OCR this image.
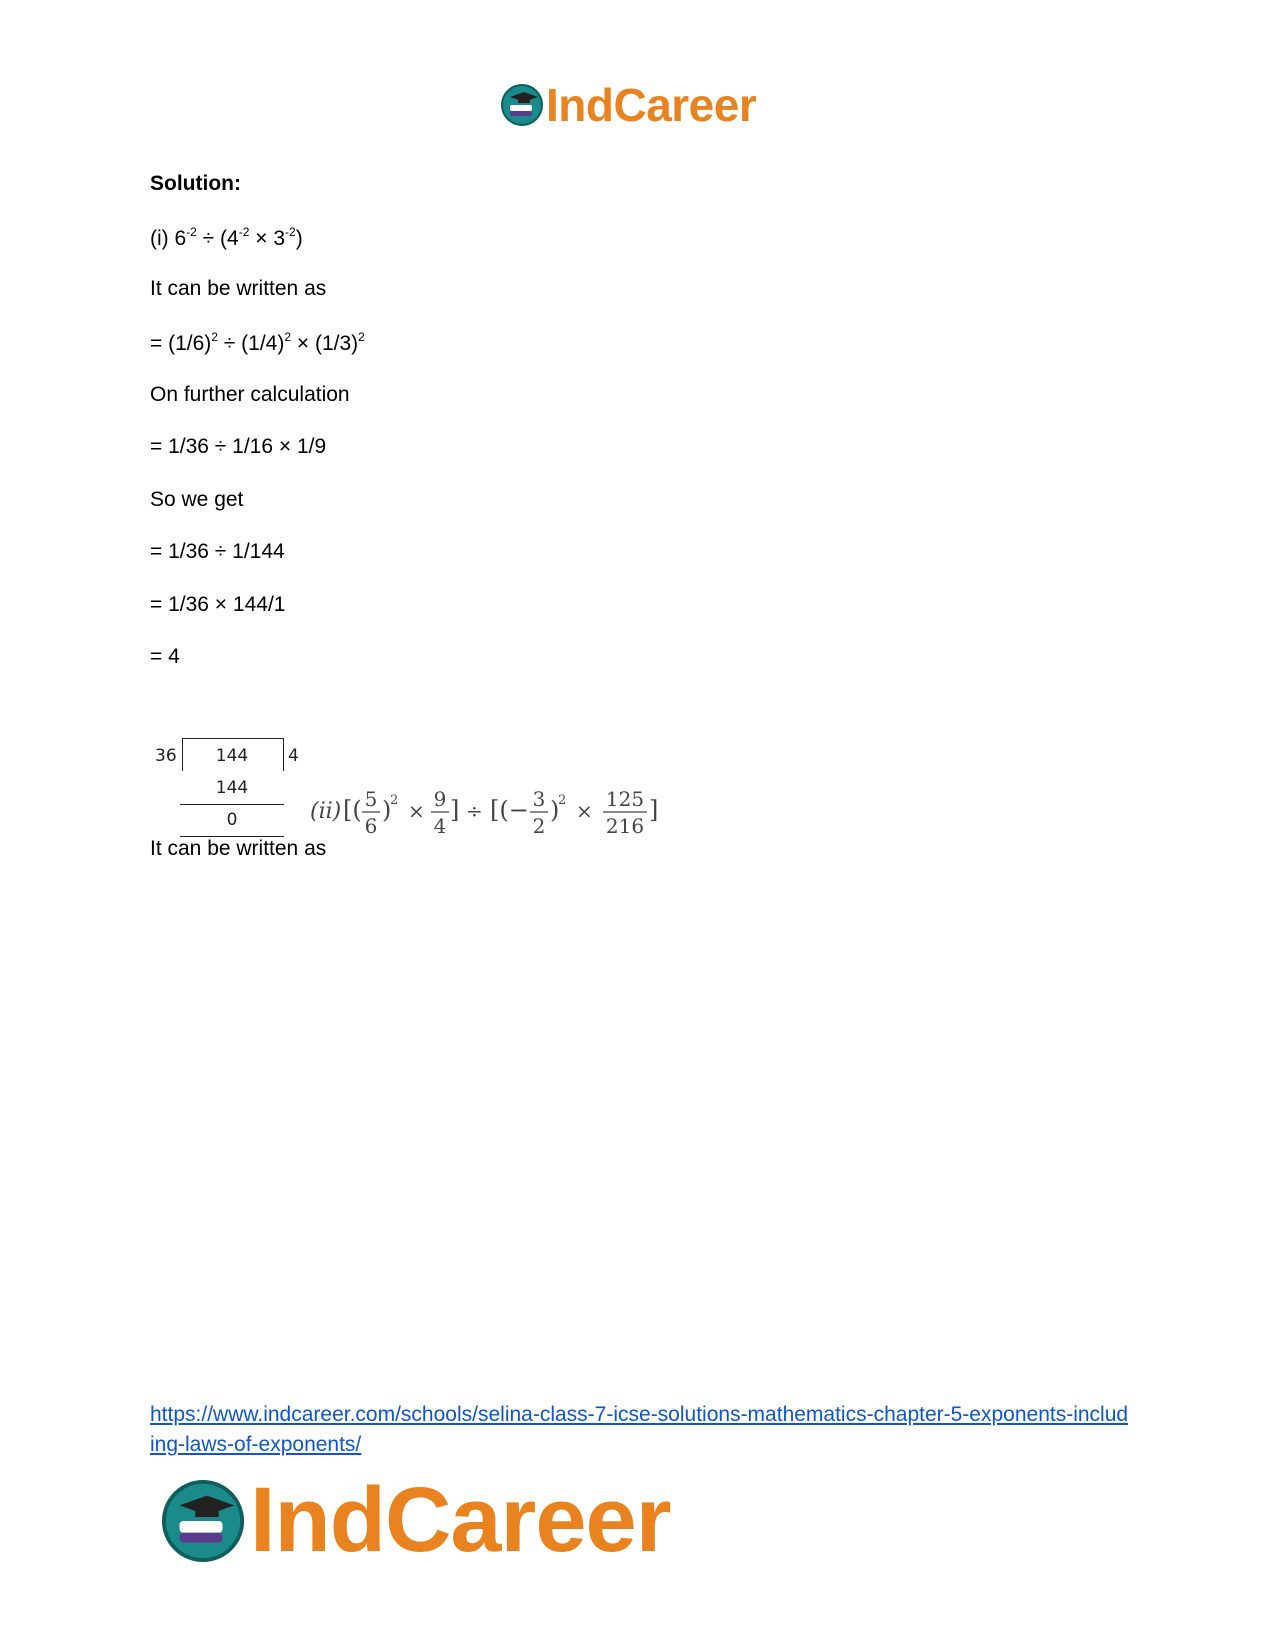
IndCareer
Solution:
(i) $6^{-2} \div (4^{-2} \times 3^{-2})$
It can be written as
= $(1/6)^2 \div (1/4)^2 \times (1/3)^2$
On further calculation
= 1/36 ÷ 1/16 × 1/9
So we get
= 1/36 ÷ 1/144
= 1/36 × 144/1
= 4
It can be written as
36	144	4
144
0	(ii) [( 5
6
)
2 × 9
4
] ÷ [(− 3
2
)
2 × 125
216
]
https://www.indcareer.com/schools/selina-class-7-icse-solutions-mathematics-chapter-5-exponents-including-laws-of-exponents/
IndCareer
